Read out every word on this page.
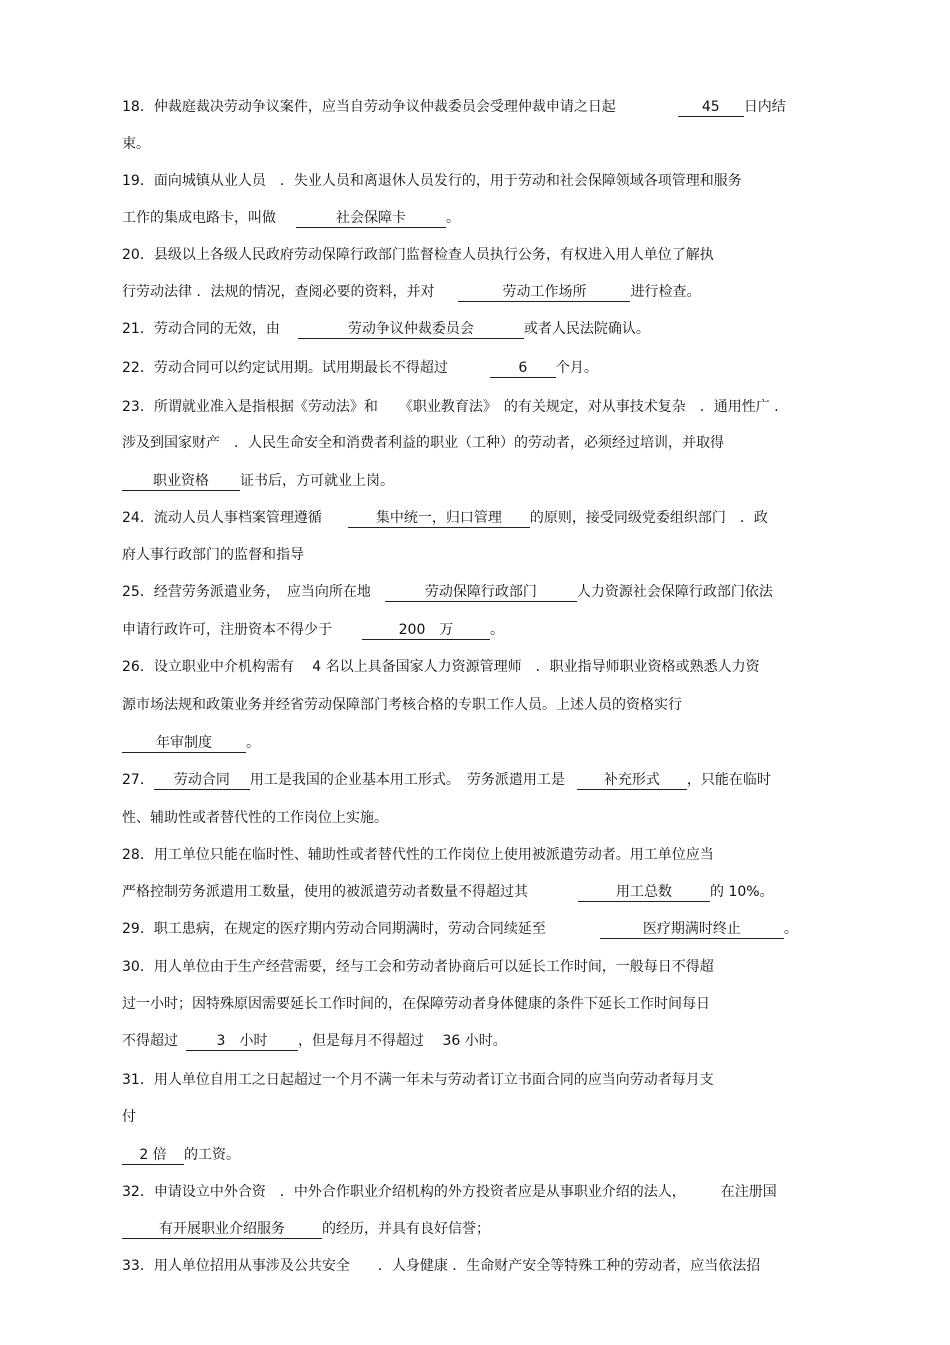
18．仲裁庭裁决劳动争议案件，应当自劳动争议仲裁委员会受理仲裁申请之日起	45 日内结
束。
19．面向城镇从业人员　．失业人员和离退休人员发行的，用于劳动和社会保障领域各项管理和服务
工作的集成电路卡，叫做	社会保障卡	。
20．县级以上各级人民政府劳动保障行政部门监督检查人员执行公务，有权进入用人单位了解执
行劳动法律 ．法规的情况，查阅必要的资料，并对	劳动工作场所	进行检查。
21．劳动合同的无效，由	劳动争议仲裁委员会	或者人民法院确认。
22．劳动合同可以约定试用期。试用期最长不得超过	6 个月。
23．所谓就业准入是指根据《劳动法》和　　《职业教育法》　的有关规定，对从事技术复杂　．通用性广 ．
涉及到国家财产　．人民生命安全和消费者利益的职业（工种）的劳动者，必须经过培训，并取得
职业资格 证书后，方可就业上岗。
24．流动人员人事档案管理遵循	集中统一，归口管理 的原则，接受同级党委组织部门　．政
府人事行政部门的监督和指导
25．经营劳务派遣业务，　应当向所在地	劳动保障行政部门	人力资源社会保障行政部门依法
申请行政许可，注册资本不得少于	200　万	。
26．设立职业中介机构需有　 4 名以上具备国家人力资源管理师　．职业指导师职业资格或熟悉人力资
源市场法规和政策业务并经省劳动保障部门考核合格的专职工作人员。上述人员的资格实行
年审制度 。
27． 劳动合同 用工是我国的企业基本用工形式。　劳务派遣用工是	补充形式 ，只能在临时
性、辅助性或者替代性的工作岗位上实施。
28．用工单位只能在临时性、辅助性或者替代性的工作岗位上使用被派遣劳动者。用工单位应当
严格控制劳务派遣用工数量，使用的被派遣劳动者数量不得超过其	用工总数	的 10%。
29．职工患病，在规定的医疗期内劳动合同期满时，劳动合同续延至	医疗期满时终止	。
30．用人单位由于生产经营需要，经与工会和劳动者协商后可以延长工作时间，一般每日不得超
过一小时；因特殊原因需要延长工作时间的，在保障劳动者身体健康的条件下延长工作时间每日
不得超过	3　小时 ，但是每月不得超过　 36 小时。
31．用人单位自用工之日起超过一个月不满一年未与劳动者订立书面合同的应当向劳动者每月支
付
2 倍 的工资。
32．申请设立中外合资　．中外合作职业介绍机构的外方投资者应是从事职业介绍的法人，　　　在注册国
有开展职业介绍服务	的经历，并具有良好信誉；
33．用人单位招用从事涉及公共安全　　．人身健康 ．生命财产安全等特殊工种的劳动者，应当依法招
